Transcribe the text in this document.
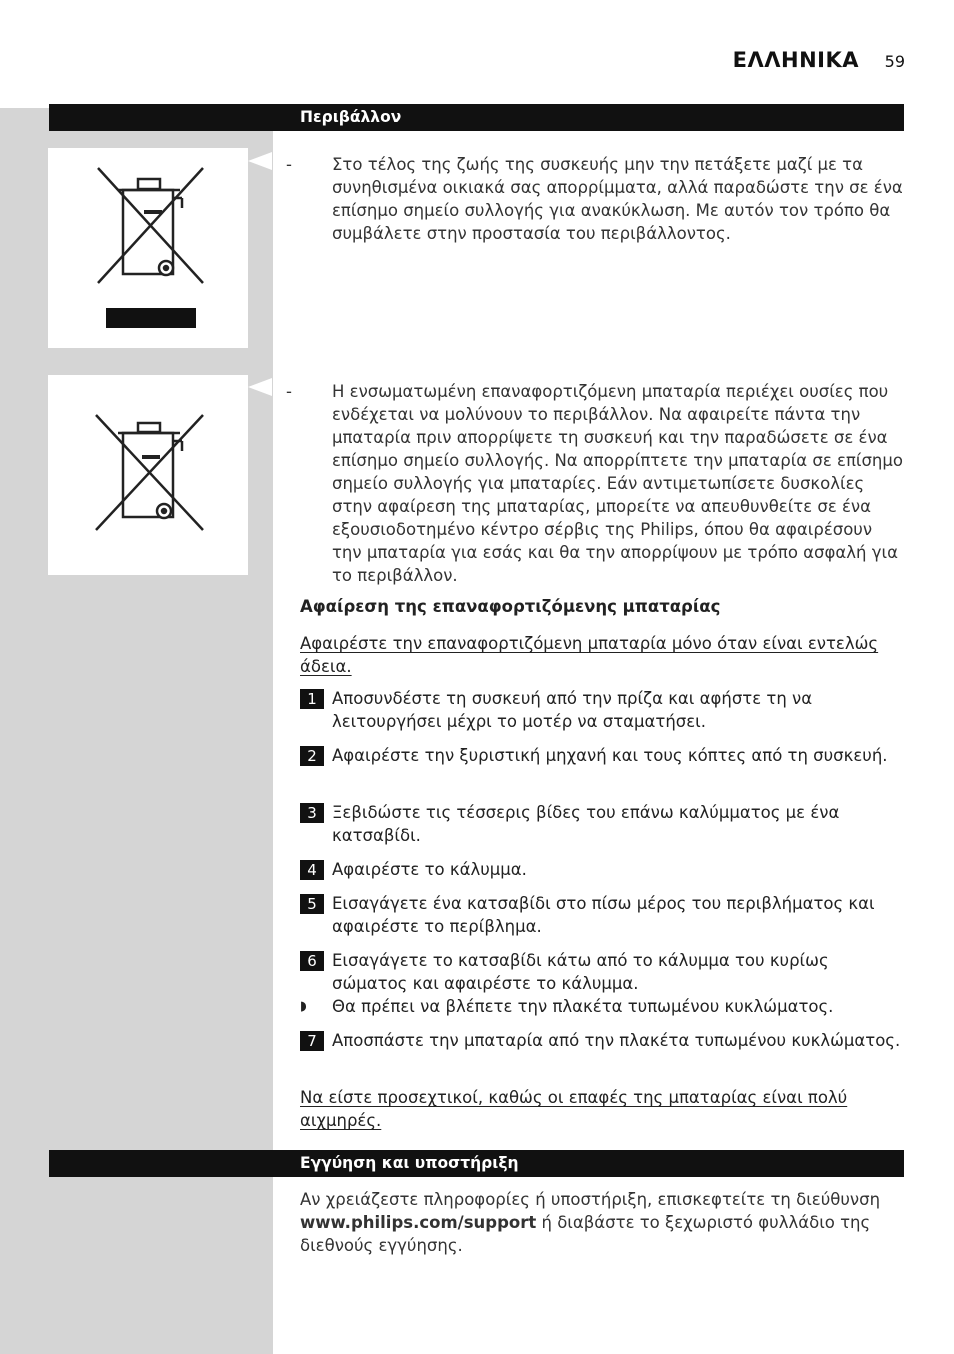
ΕΛΛΗΝΙΚΑ 59
Περιβάλλον
-	Στο τέλος της ζωής της συσκευής μην την πετάξετε μαζί με τα συνηθισμένα οικιακά σας απορρίμματα, αλλά παραδώστε την σε ένα επίσημο σημείο συλλογής για ανακύκλωση. Με αυτόν τον τρόπο θα συμβάλετε στην προστασία του περιβάλλοντος.
-	Η ενσωματωμένη επαναφορτιζόμενη μπαταρία περιέχει ουσίες που ενδέχεται να μολύνουν το περιβάλλον. Να αφαιρείτε πάντα την μπαταρία πριν απορρίψετε τη συσκευή και την παραδώσετε σε ένα επίσημο σημείο συλλογής. Να απορρίπτετε την μπαταρία σε επίσημο σημείο συλλογής για μπαταρίες. Εάν αντιμετωπίσετε δυσκολίες στην αφαίρεση της μπαταρίας, μπορείτε να απευθυνθείτε σε ένα εξουσιοδοτημένο κέντρο σέρβις της Philips, όπου θα αφαιρέσουν την μπαταρία για εσάς και θα την απορρίψουν με τρόπο ασφαλή για το περιβάλλον.
Αφαίρεση της επαναφορτιζόμενης μπαταρίας
Αφαιρέστε την επαναφορτιζόμενη μπαταρία μόνο όταν είναι εντελώς άδεια.
1 Αποσυνδέστε τη συσκευή από την πρίζα και αφήστε τη να λειτουργήσει μέχρι το μοτέρ να σταματήσει.
2 Αφαιρέστε την ξυριστική μηχανή και τους κόπτες από τη συσκευή.
3 Ξεβιδώστε τις τέσσερις βίδες του επάνω καλύμματος με ένα κατσαβίδι.
4 Αφαιρέστε το κάλυμμα.
5 Εισαγάγετε ένα κατσαβίδι στο πίσω μέρος του περιβλήματος και αφαιρέστε το περίβλημα.
6 Εισαγάγετε το κατσαβίδι κάτω από το κάλυμμα του κυρίως σώματος και αφαιρέστε το κάλυμμα.
◗ Θα πρέπει να βλέπετε την πλακέτα τυπωμένου κυκλώματος.
7 Αποσπάστε την μπαταρία από την πλακέτα τυπωμένου κυκλώματος.
Να είστε προσεχτικοί, καθώς οι επαφές της μπαταρίας είναι πολύ αιχμηρές.
Εγγύηση και υποστήριξη
Αν χρειάζεστε πληροφορίες ή υποστήριξη, επισκεφτείτε τη διεύθυνση www.philips.com/support ή διαβάστε το ξεχωριστό φυλλάδιο της διεθνούς εγγύησης.
